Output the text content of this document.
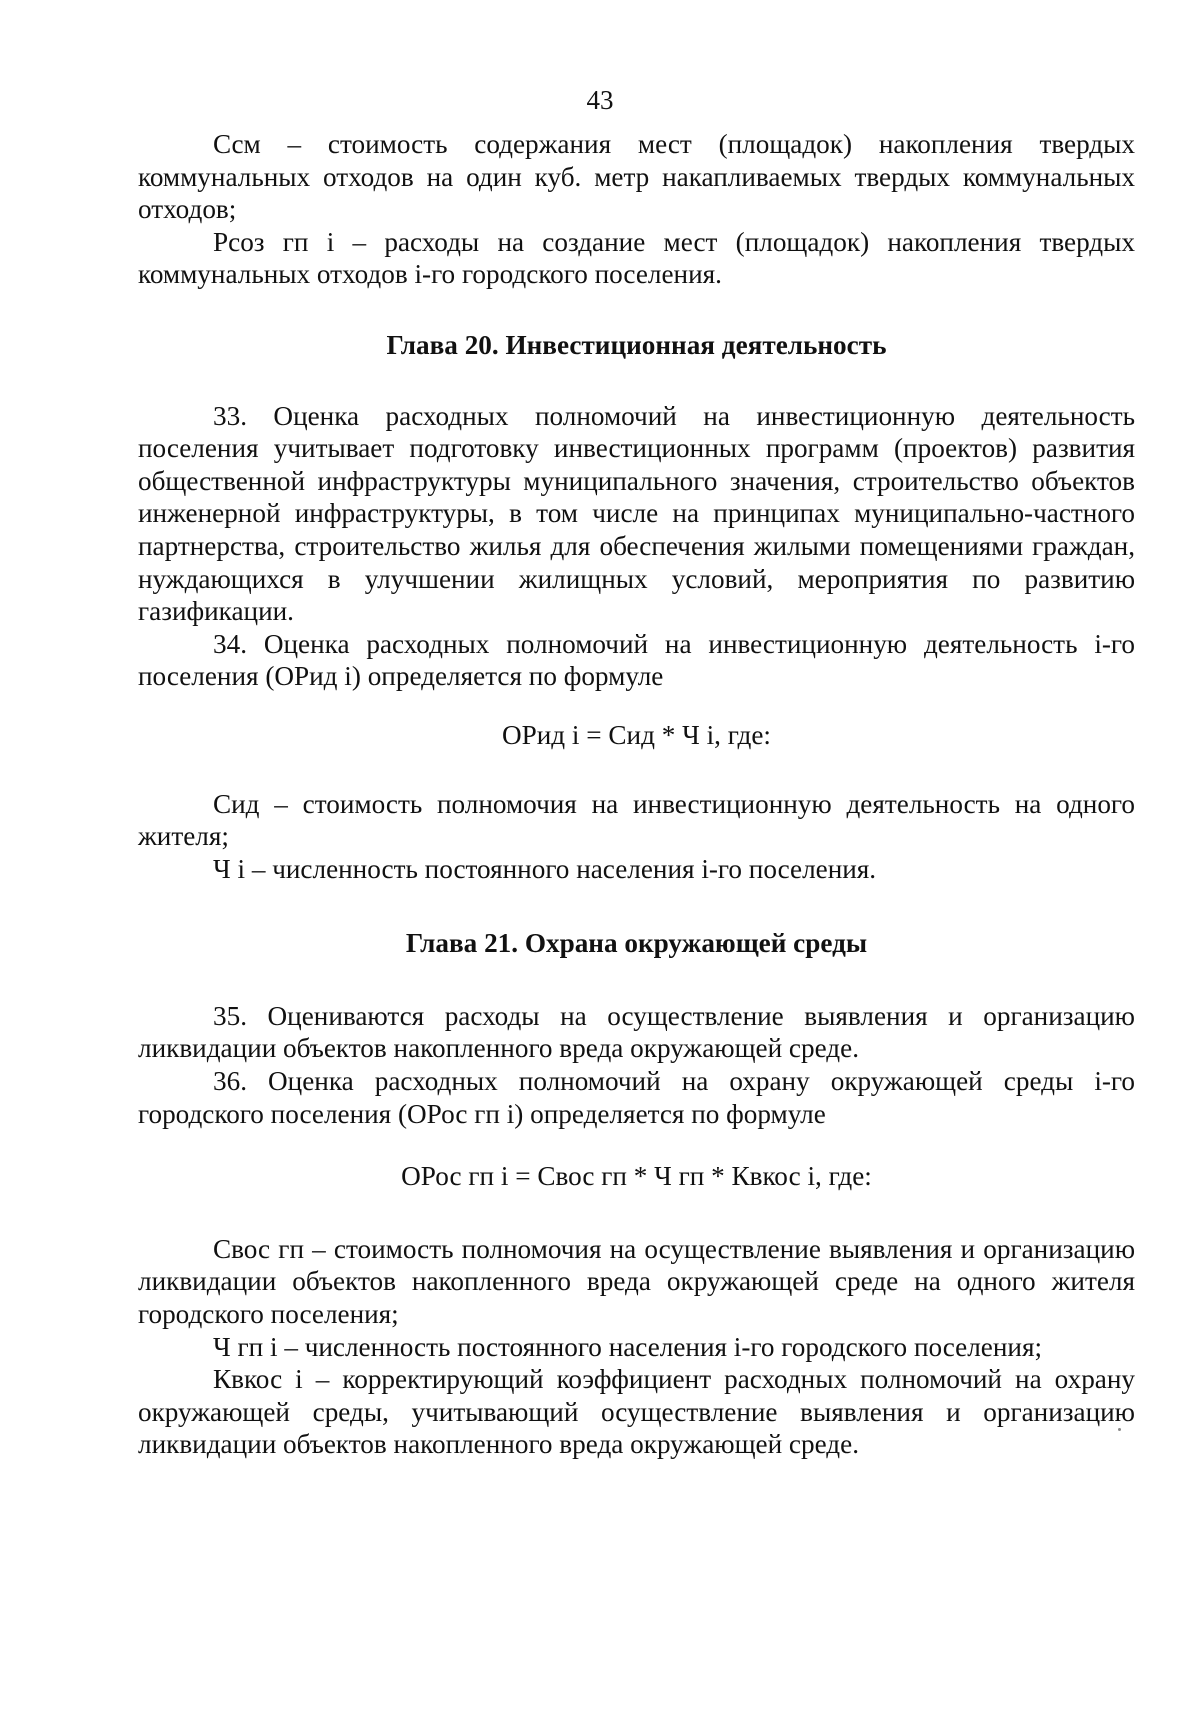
43

Ссм – стоимость содержания мест (площадок) накопления твердых коммунальных отходов на один куб. метр накапливаемых твердых коммунальных отходов;

Рсоз гп i – расходы на создание мест (площадок) накопления твердых коммунальных отходов i-го городского поселения.

Глава 20. Инвестиционная деятельность

33. Оценка расходных полномочий на инвестиционную деятельность поселения учитывает подготовку инвестиционных программ (проектов) развития общественной инфраструктуры муниципального значения, строительство объектов инженерной инфраструктуры, в том числе на принципах муниципально-частного партнерства, строительство жилья для обеспечения жилыми помещениями граждан, нуждающихся в улучшении жилищных условий, мероприятия по развитию газификации.

34. Оценка расходных полномочий на инвестиционную деятельность i-го поселения (ОРид i) определяется по формуле

ОРид i = Сид * Ч i, где:

Сид – стоимость полномочия на инвестиционную деятельность на одного жителя;

Ч i – численность постоянного населения i-го поселения.

Глава 21. Охрана окружающей среды

35. Оцениваются расходы на осуществление выявления и организацию ликвидации объектов накопленного вреда окружающей среде.

36. Оценка расходных полномочий на охрану окружающей среды i-го городского поселения (ОРос гп i) определяется по формуле

ОРос гп i = Свос гп * Ч гп * Квкос i, где:

Свос гп – стоимость полномочия на осуществление выявления и организацию ликвидации объектов накопленного вреда окружающей среде на одного жителя городского поселения;

Ч гп i – численность постоянного населения i-го городского поселения;

Квкос i – корректирующий коэффициент расходных полномочий на охрану окружающей среды, учитывающий осуществление выявления и организацию ликвидации объектов накопленного вреда окружающей среде.
